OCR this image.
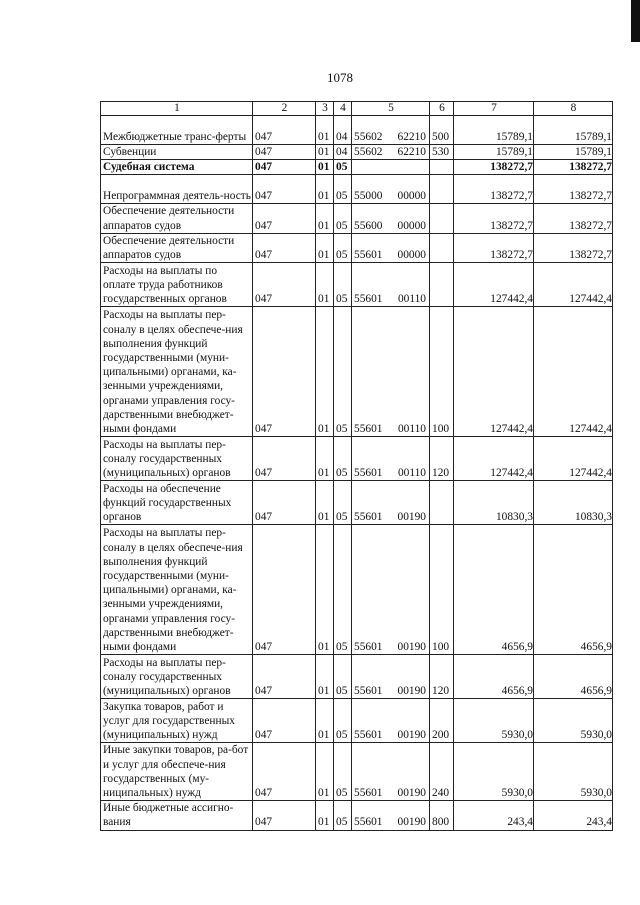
1078
1	2	3	4	5	6	7	8
Межбюджетные транс-ферты	047	01	04	55602 62210	500	15789,1	15789,1
Субвенции	047	01	04	55602 62210	530	15789,1	15789,1
Судебная система	047	01	05			138272,7	138272,7
Непрограммная деятель-ность	047	01	05	55000 00000		138272,7	138272,7
Обеспечение деятельности аппаратов судов	047	01	05	55600 00000		138272,7	138272,7
Обеспечение деятельности аппаратов судов	047	01	05	55601 00000		138272,7	138272,7
Расходы на выплаты по оплате труда работников государственных органов	047	01	05	55601 00110		127442,4	127442,4
Расходы на выплаты пер-соналу в целях обеспече-ния выполнения функций государственными (муни-ципальными) органами, ка-зенными учреждениями, органами управления госу-дарственными внебюджет-ными фондами	047	01	05	55601 00110	100	127442,4	127442,4
Расходы на выплаты пер-соналу государственных (муниципальных) органов	047	01	05	55601 00110	120	127442,4	127442,4
Расходы на обеспечение функций государственных органов	047	01	05	55601 00190		10830,3	10830,3
Расходы на выплаты пер-соналу в целях обеспече-ния выполнения функций государственными (муни-ципальными) органами, ка-зенными учреждениями, органами управления госу-дарственными внебюджет-ными фондами	047	01	05	55601 00190	100	4656,9	4656,9
Расходы на выплаты пер-соналу государственных (муниципальных) органов	047	01	05	55601 00190	120	4656,9	4656,9
Закупка товаров, работ и услуг для государственных (муниципальных) нужд	047	01	05	55601 00190	200	5930,0	5930,0
Иные закупки товаров, ра-бот и услуг для обеспече-ния государственных (му-ниципальных) нужд	047	01	05	55601 00190	240	5930,0	5930,0
Иные бюджетные ассигно-вания	047	01	05	55601 00190	800	243,4	243,4
